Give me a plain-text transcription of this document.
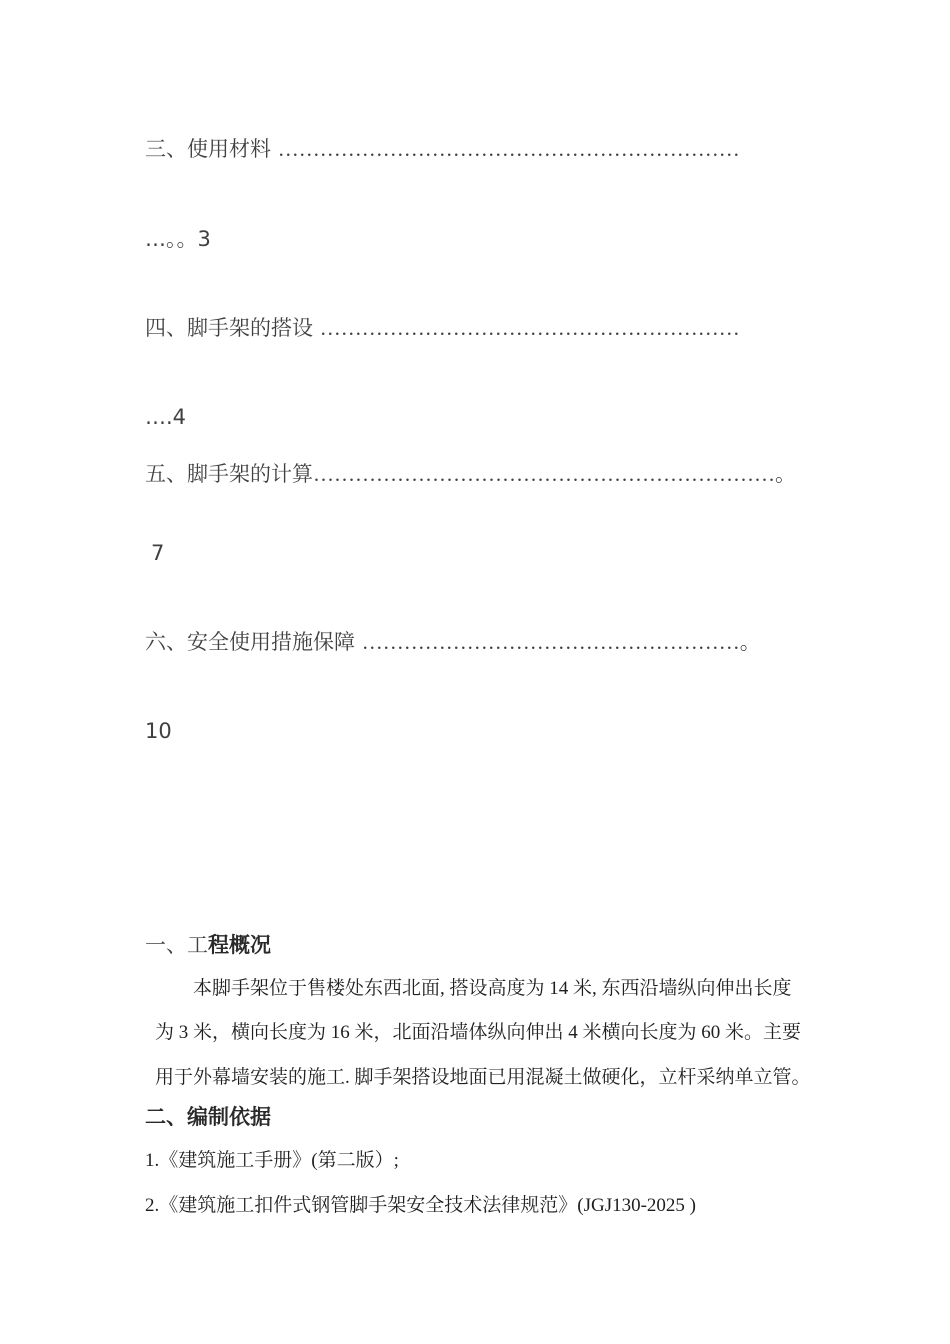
三、使用材料 …………………………………………………………
…。。3
四、脚手架的搭设 ……………………………………………………
….4
五、脚手架的计算…………………………………………………………。
7
六、安全使用措施保障 ………………………………………………。
10
一、工程概况
本脚手架位于售楼处东西北面, 搭设高度为 14 米, 东西沿墙纵向伸出长度
为 3 米，横向长度为 16 米，北面沿墙体纵向伸出 4 米横向长度为 60 米。主要
用于外幕墙安装的施工. 脚手架搭设地面已用混凝土做硬化，立杆采纳单立管。
二、编制依据
1.《建筑施工手册》(第二版）;
2.《建筑施工扣件式钢管脚手架安全技术法律规范》(JGJ130-2025 )
